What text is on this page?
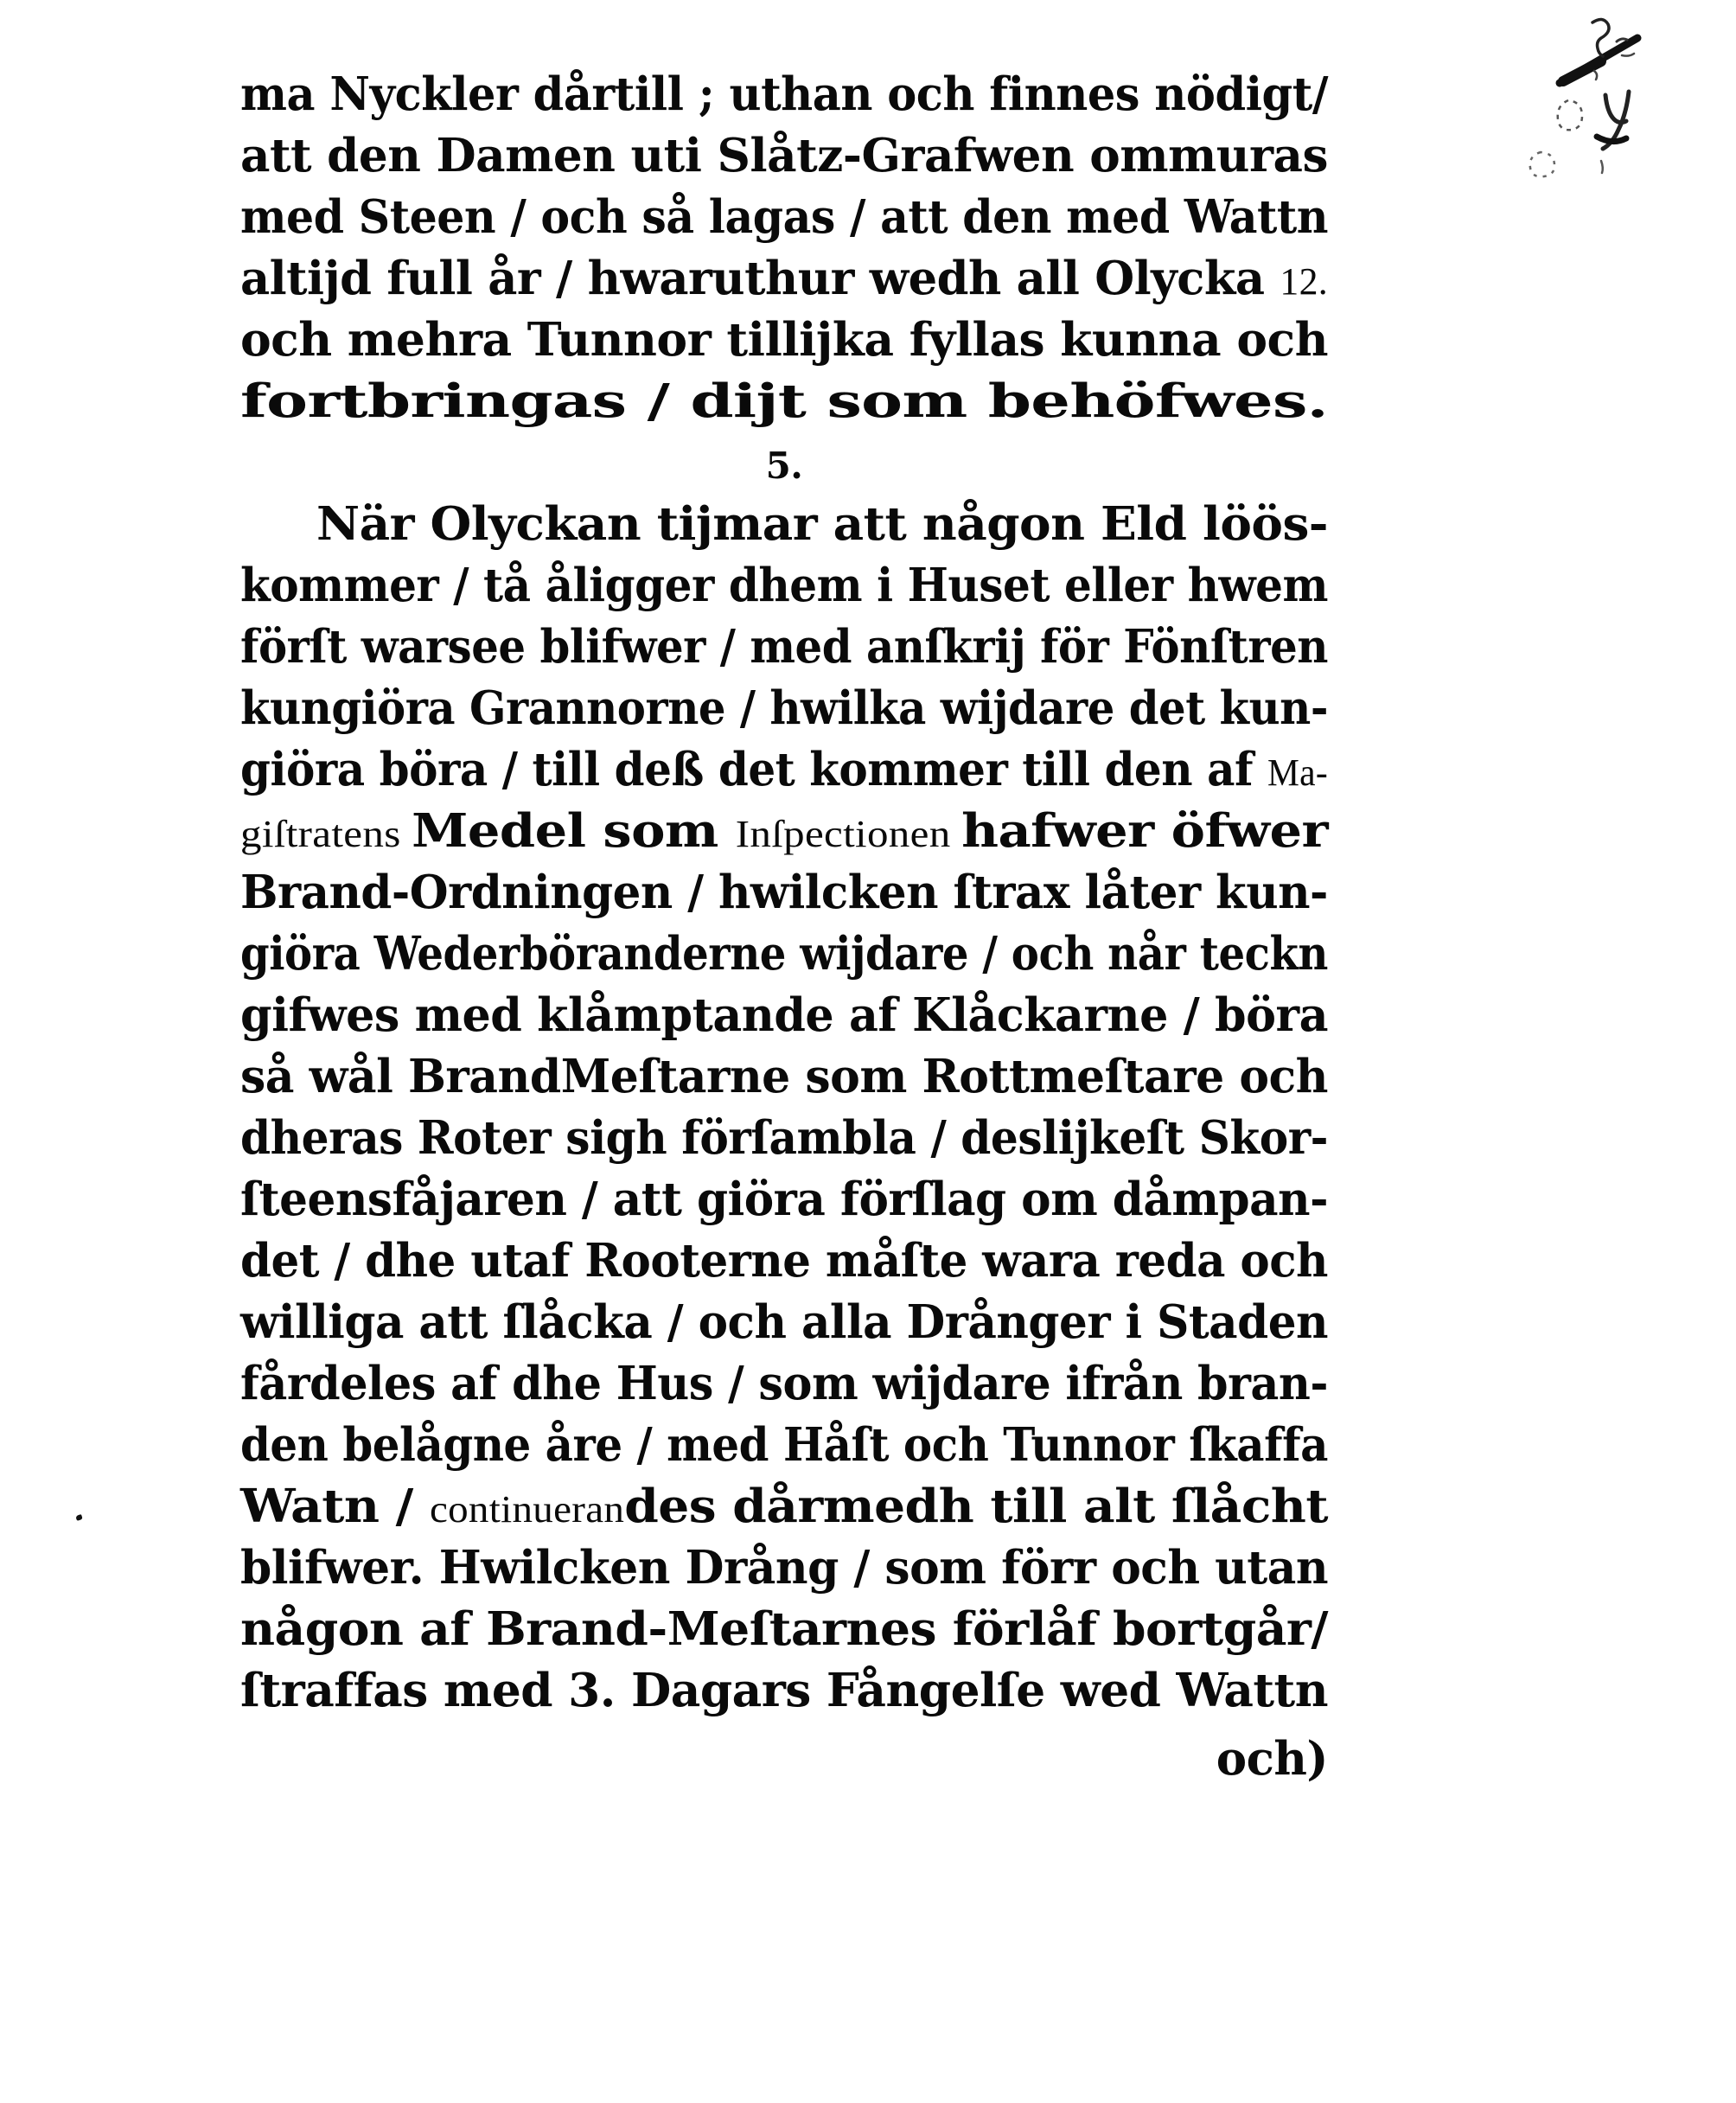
ma Nyckler dårtill ; uthan och finnes nödigt/
att den Damen uti Slåtz-Grafwen ommuras
med Steen / och så lagas / att den med Wattn
altijd full år / hwaruthur wedh all Olycka 12.
och mehra Tunnor tillijka fyllas kunna och
fortbringas / dijt som behöfwes.
5.
När Olyckan tijmar att någon Eld löös-
kommer / tå åligger dhem i Huset eller hwem
förſt warsee blifwer / med anſkrij för Fönſtren
kungiöra Grannorne / hwilka wijdare det kun-
giöra böra / till deß det kommer till den af Ma-
giſtratens Medel som Inſpectionen hafwer öfwer
Brand-Ordningen / hwilcken ſtrax låter kun-
giöra Wederböranderne wijdare / och når teckn
gifwes med klåmptande af Klåckarne / böra
så wål BrandMeſtarne som Rottmeſtare och
dheras Roter sigh förſambla / deslijkeſt Skor-
ſteensfåjaren / att giöra förſlag om dåmpan-
det / dhe utaf Rooterne måſte wara reda och
williga att ſlåcka / och alla Drånger i Staden
fårdeles af dhe Hus / som wijdare ifrån bran-
den belågne åre / med Håſt och Tunnor ſkaffa
Watn / continuerandes dårmedh till alt ſlåcht
blifwer. Hwilcken Drång / som förr och utan
någon af Brand-Meſtarnes förlåf bortgår/
ſtraffas med 3. Dagars Fångelſe wed Wattn
och)
